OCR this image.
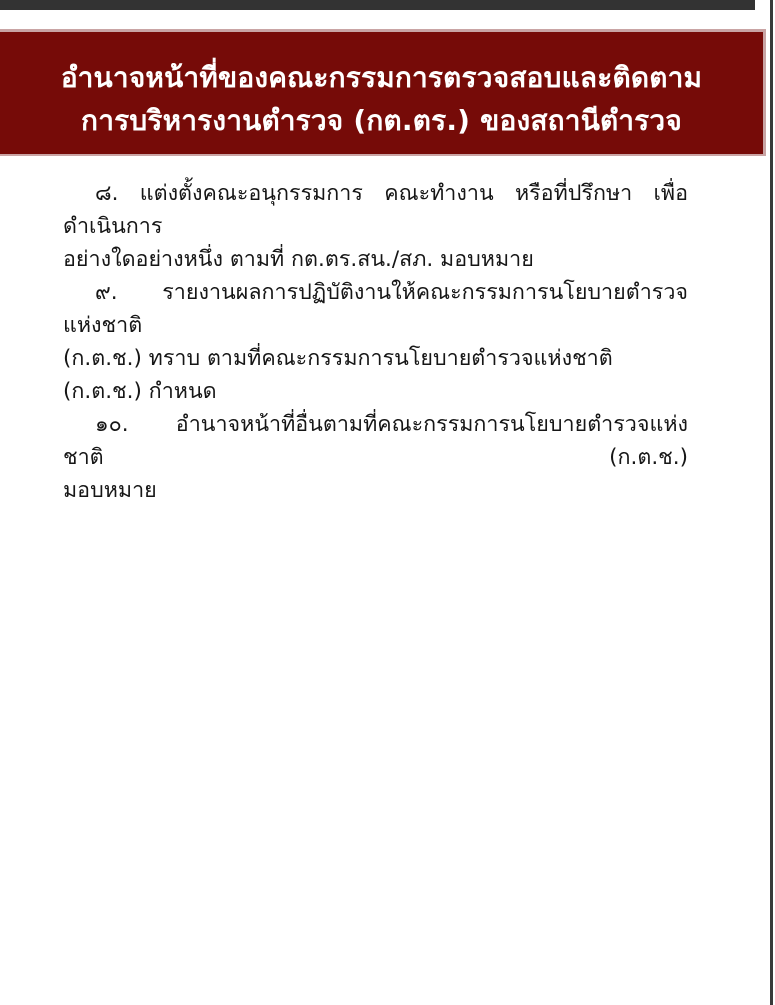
อำนาจหน้าที่ของคณะกรรมการตรวจสอบและติดตาม
การบริหารงานตำรวจ (กต.ตร.) ของสถานีตำรวจ
๘. แต่งตั้งคณะอนุกรรมการ คณะทำงาน หรือที่ปรึกษา เพื่อดำเนินการ
อย่างใดอย่างหนึ่ง ตามที่ กต.ตร.สน./สภ. มอบหมาย
๙. รายงานผลการปฏิบัติงานให้คณะกรรมการนโยบายตำรวจแห่งชาติ
(ก.ต.ช.) ทราบ ตามที่คณะกรรมการนโยบายตำรวจแห่งชาติ (ก.ต.ช.) กำหนด
๑๐. อำนาจหน้าที่อื่นตามที่คณะกรรมการนโยบายตำรวจแห่งชาติ (ก.ต.ช.)
มอบหมาย
